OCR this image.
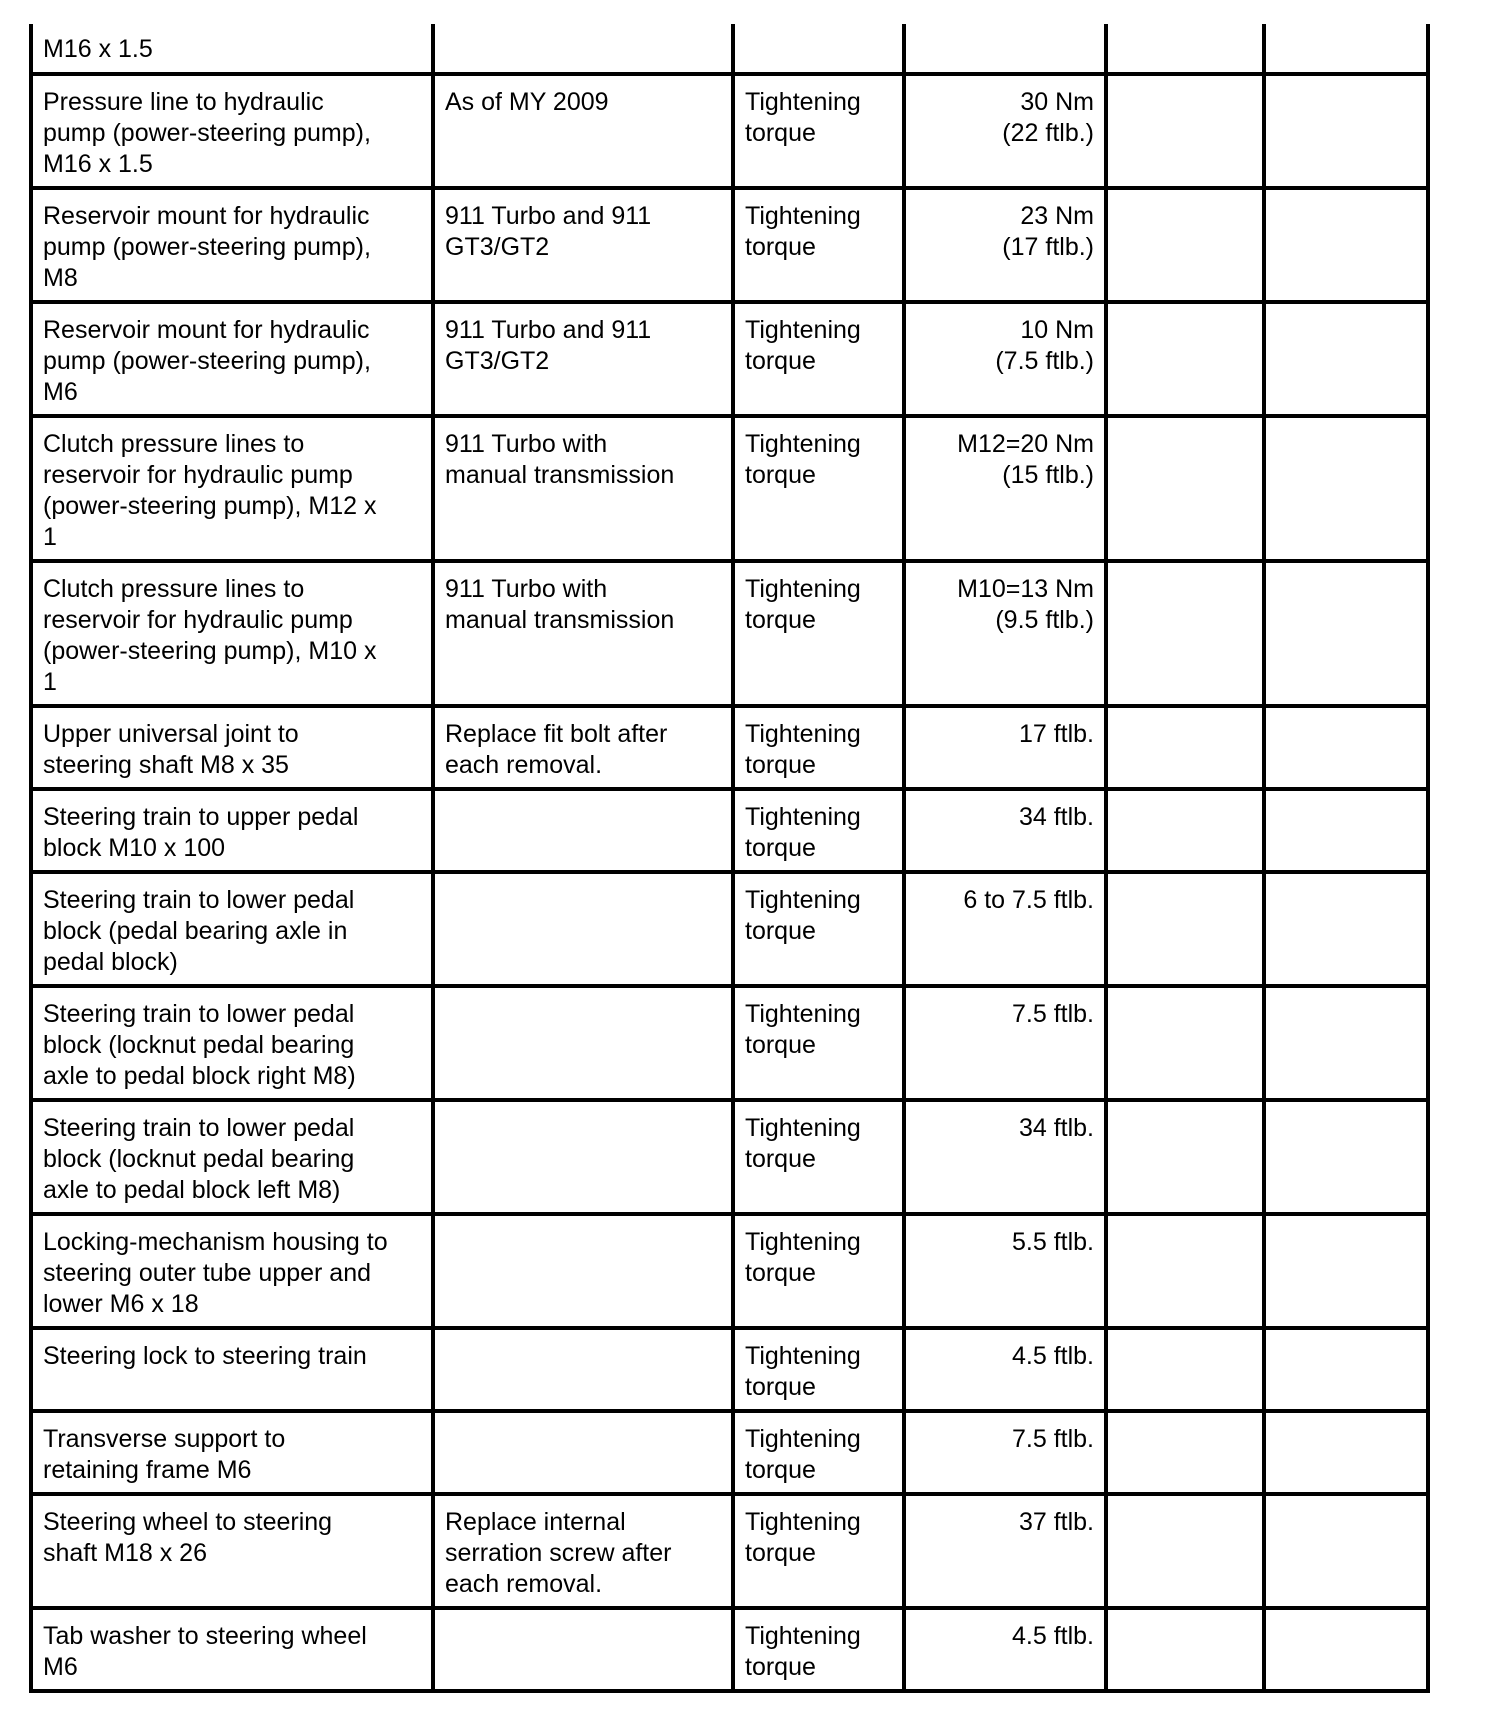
M16 x 1.5					

Pressure line to hydraulic
pump (power-steering pump),
M16 x 1.5	As of MY 2009	Tightening
torque	30 Nm
(22 ftlb.)		

Reservoir mount for hydraulic
pump (power-steering pump),
M8	911 Turbo and 911
GT3/GT2	Tightening
torque	23 Nm
(17 ftlb.)		

Reservoir mount for hydraulic
pump (power-steering pump),
M6	911 Turbo and 911
GT3/GT2	Tightening
torque	10 Nm
(7.5 ftlb.)		

Clutch pressure lines to
reservoir for hydraulic pump
(power-steering pump), M12 x
1	911 Turbo with
manual transmission	Tightening
torque	M12=20 Nm
(15 ftlb.)		

Clutch pressure lines to
reservoir for hydraulic pump
(power-steering pump), M10 x
1	911 Turbo with
manual transmission	Tightening
torque	M10=13 Nm
(9.5 ftlb.)		

Upper universal joint to
steering shaft M8 x 35	Replace fit bolt after
each removal.	Tightening
torque	17 ftlb.		

Steering train to upper pedal
block M10 x 100		Tightening
torque	34 ftlb.		

Steering train to lower pedal
block (pedal bearing axle in
pedal block)		Tightening
torque	6 to 7.5 ftlb.		

Steering train to lower pedal
block (locknut pedal bearing
axle to pedal block right M8)		Tightening
torque	7.5 ftlb.		

Steering train to lower pedal
block (locknut pedal bearing
axle to pedal block left M8)		Tightening
torque	34 ftlb.		

Locking-mechanism housing to
steering outer tube upper and
lower M6 x 18		Tightening
torque	5.5 ftlb.		

Steering lock to steering train		Tightening
torque	4.5 ftlb.		

Transverse support to
retaining frame M6		Tightening
torque	7.5 ftlb.		

Steering wheel to steering
shaft M18 x 26	Replace internal
serration screw after
each removal.	Tightening
torque	37 ftlb.		

Tab washer to steering wheel
M6		Tightening
torque	4.5 ftlb.		
